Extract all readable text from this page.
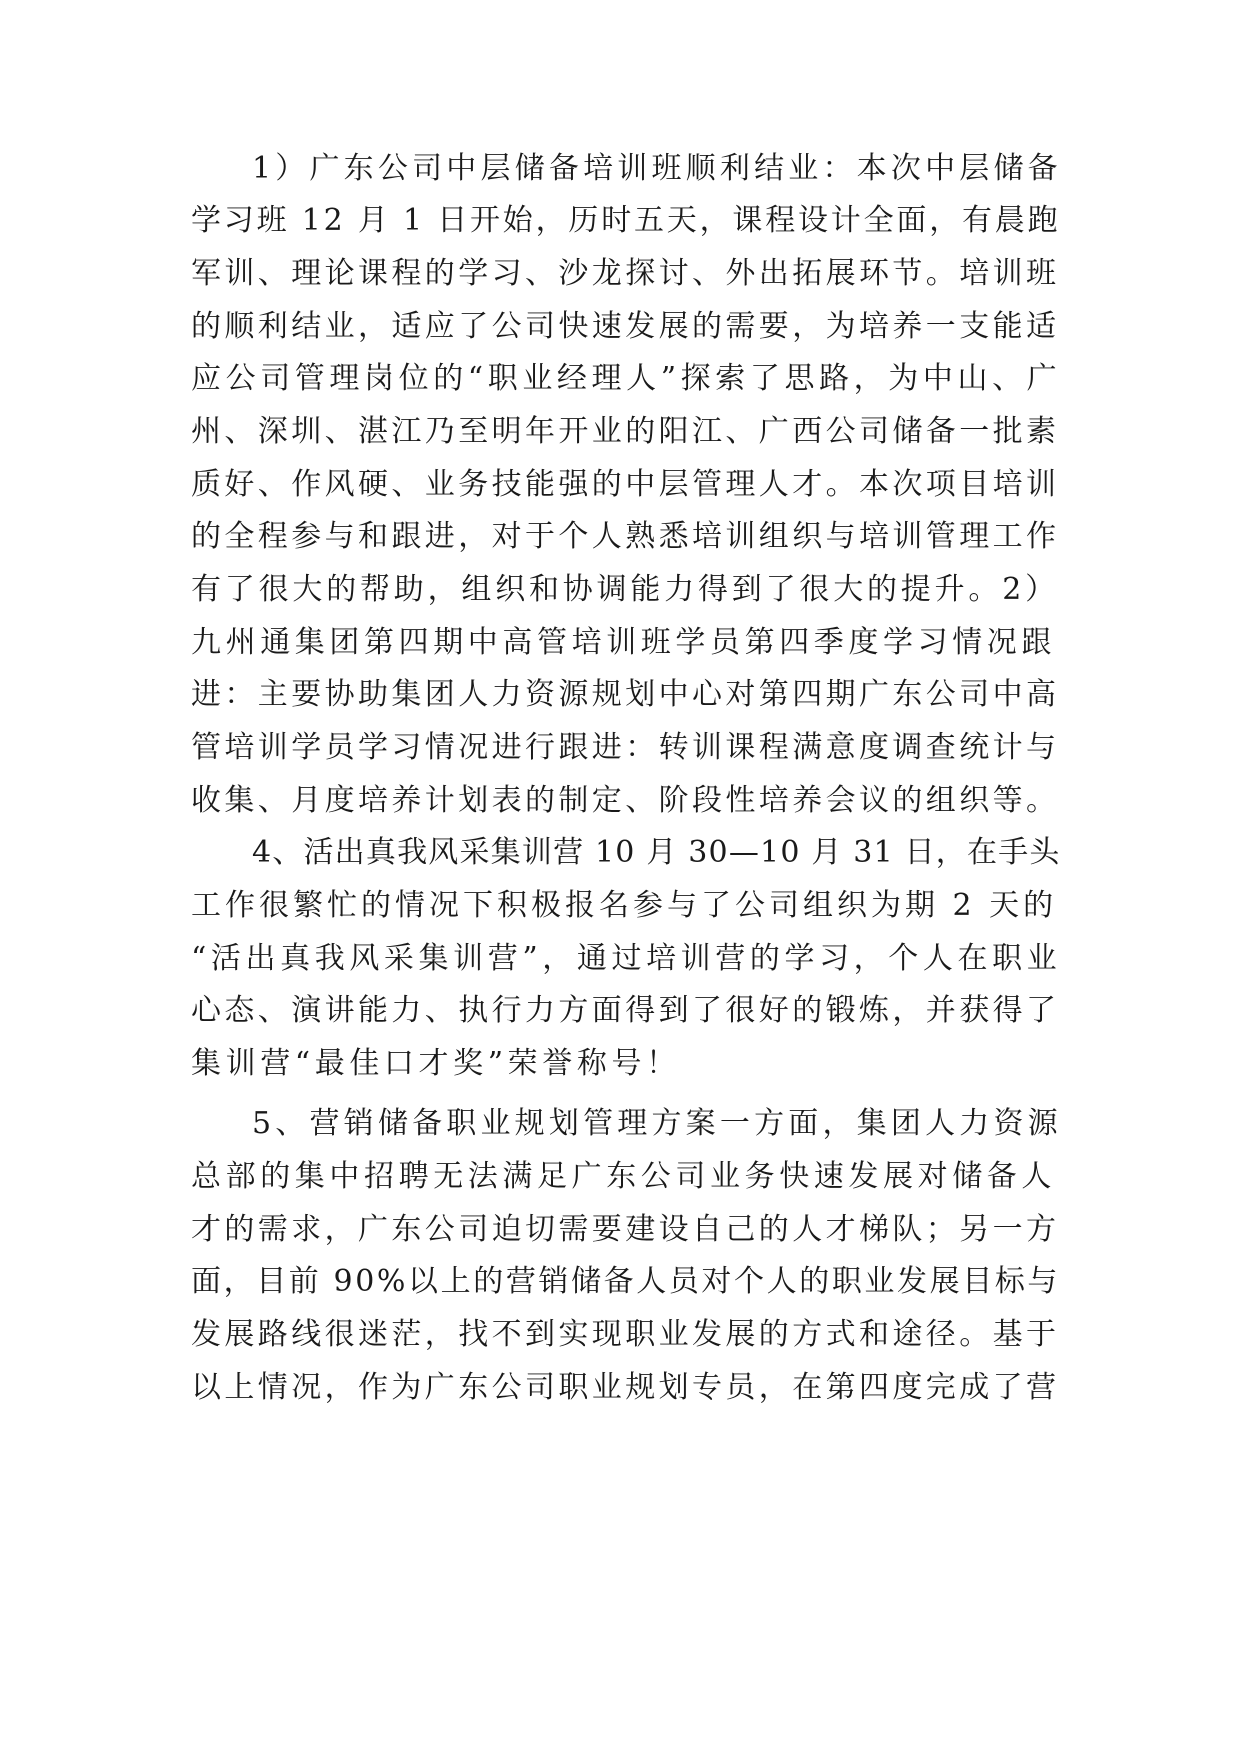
1）广东公司中层储备培训班顺利结业：本次中层储备
学习班 12 月 1 日开始，历时五天，课程设计全面，有晨跑
军训、理论课程的学习、沙龙探讨、外出拓展环节。培训班
的顺利结业，适应了公司快速发展的需要，为培养一支能适
应公司管理岗位的“职业经理人”探索了思路，为中山、广
州、深圳、湛江乃至明年开业的阳江、广西公司储备一批素
质好、作风硬、业务技能强的中层管理人才。本次项目培训
的全程参与和跟进，对于个人熟悉培训组织与培训管理工作
有了很大的帮助，组织和协调能力得到了很大的提升。2）
九州通集团第四期中高管培训班学员第四季度学习情况跟
进：主要协助集团人力资源规划中心对第四期广东公司中高
管培训学员学习情况进行跟进：转训课程满意度调查统计与
收集、月度培养计划表的制定、阶段性培养会议的组织等。
4、活出真我风采集训营 10 月 30—10 月 31 日，在手头
工作很繁忙的情况下积极报名参与了公司组织为期 2 天的
“活出真我风采集训营”，通过培训营的学习，个人在职业
心态、演讲能力、执行力方面得到了很好的锻炼，并获得了
集训营“最佳口才奖”荣誉称号！
5、营销储备职业规划管理方案一方面，集团人力资源
总部的集中招聘无法满足广东公司业务快速发展对储备人
才的需求，广东公司迫切需要建设自己的人才梯队；另一方
面，目前 90%以上的营销储备人员对个人的职业发展目标与
发展路线很迷茫，找不到实现职业发展的方式和途径。基于
以上情况，作为广东公司职业规划专员，在第四度完成了营
